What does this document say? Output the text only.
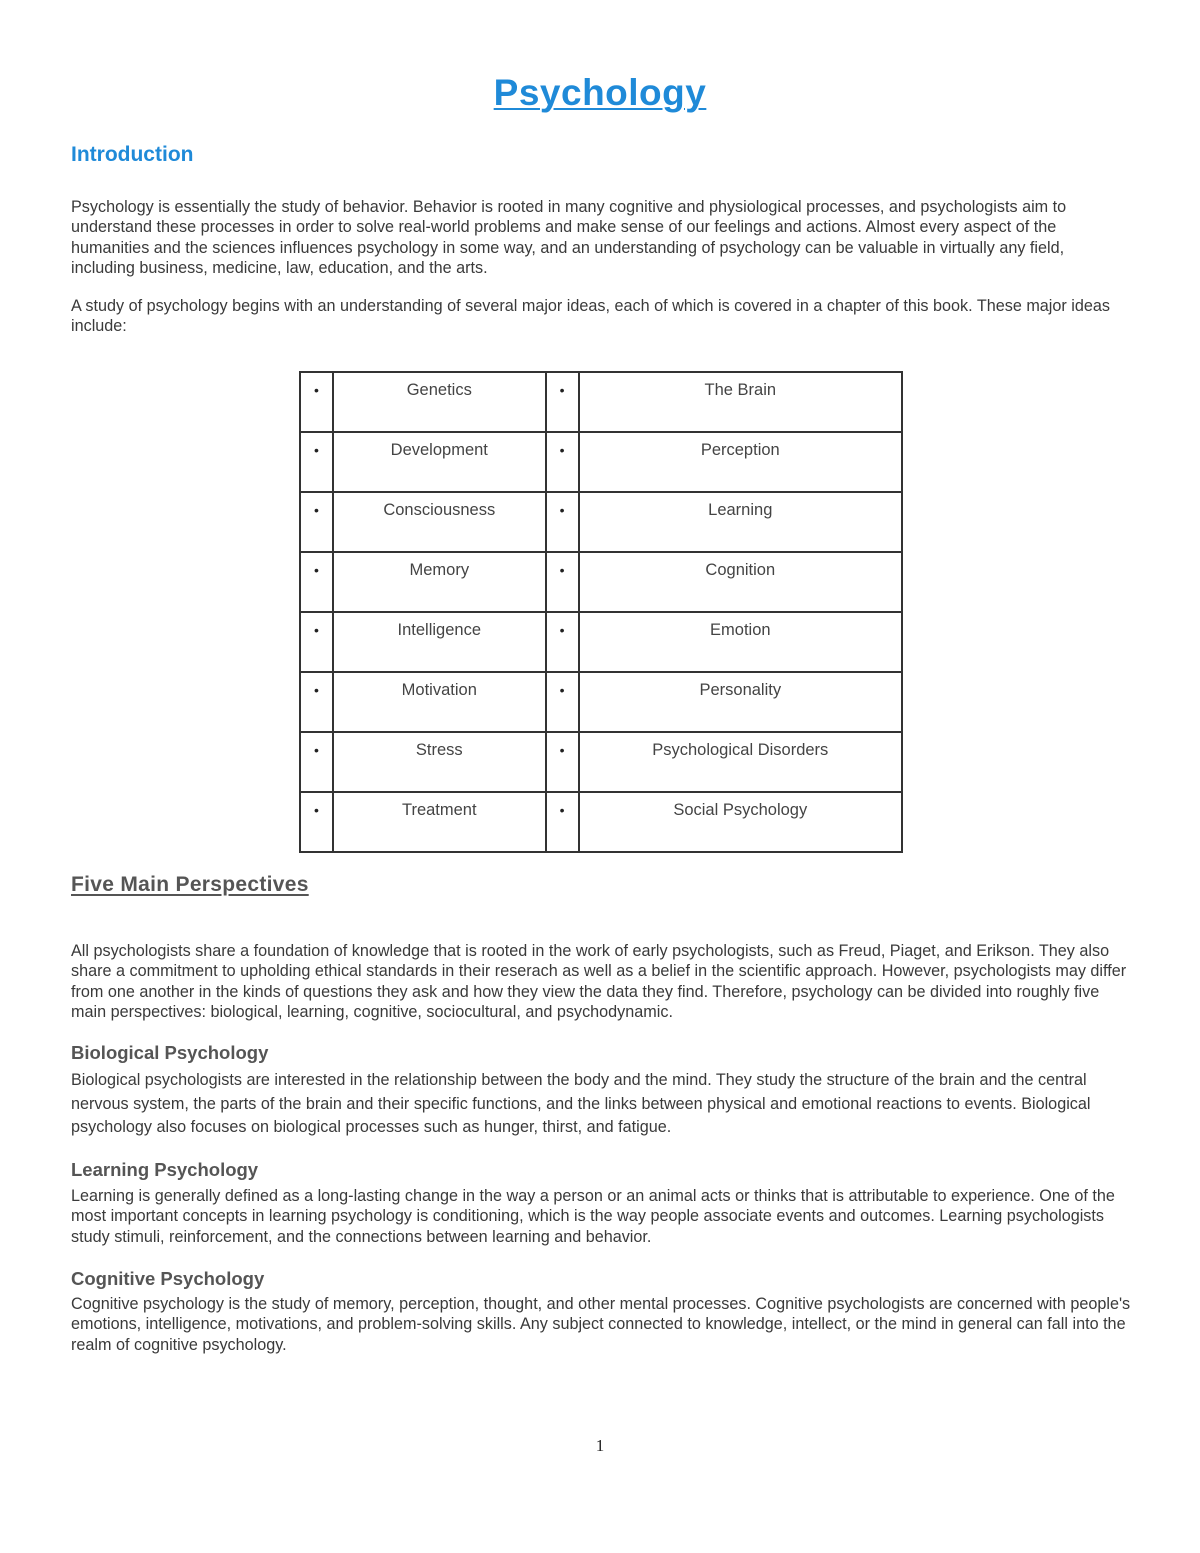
Psychology
Introduction

Psychology is essentially the study of behavior. Behavior is rooted in many cognitive and physiological processes, and psychologists aim to understand these processes in order to solve real-world problems and make sense of our feelings and actions. Almost every aspect of the humanities and the sciences influences psychology in some way, and an understanding of psychology can be valuable in virtually any field, including business, medicine, law, education, and the arts.

A study of psychology begins with an understanding of several major ideas, each of which is covered in a chapter of this book. These major ideas include:

•	Genetics	•	The Brain
•	Development	•	Perception
•	Consciousness	•	Learning
•	Memory	•	Cognition
•	Intelligence	•	Emotion
•	Motivation	•	Personality
•	Stress	•	Psychological Disorders
•	Treatment	•	Social Psychology
Five Main Perspectives

All psychologists share a foundation of knowledge that is rooted in the work of early psychologists, such as Freud, Piaget, and Erikson. They also share a commitment to upholding ethical standards in their reserach as well as a belief in the scientific approach. However, psychologists may differ from one another in the kinds of questions they ask and how they view the data they find. Therefore, psychology can be divided into roughly five main perspectives: biological, learning, cognitive, sociocultural, and psychodynamic.

Biological Psychology

Biological psychologists are interested in the relationship between the body and the mind. They study the structure of the brain and the central nervous system, the parts of the brain and their specific functions, and the links between physical and emotional reactions to events. Biological psychology also focuses on biological processes such as hunger, thirst, and fatigue.

Learning Psychology

Learning is generally defined as a long-lasting change in the way a person or an animal acts or thinks that is attributable to experience. One of the most important concepts in learning psychology is conditioning, which is the way people associate events and outcomes. Learning psychologists study stimuli, reinforcement, and the connections between learning and behavior.

Cognitive Psychology

Cognitive psychology is the study of memory, perception, thought, and other mental processes. Cognitive psychologists are concerned with people's emotions, intelligence, motivations, and problem-solving skills. Any subject connected to knowledge, intellect, or the mind in general can fall into the realm of cognitive psychology.

1
